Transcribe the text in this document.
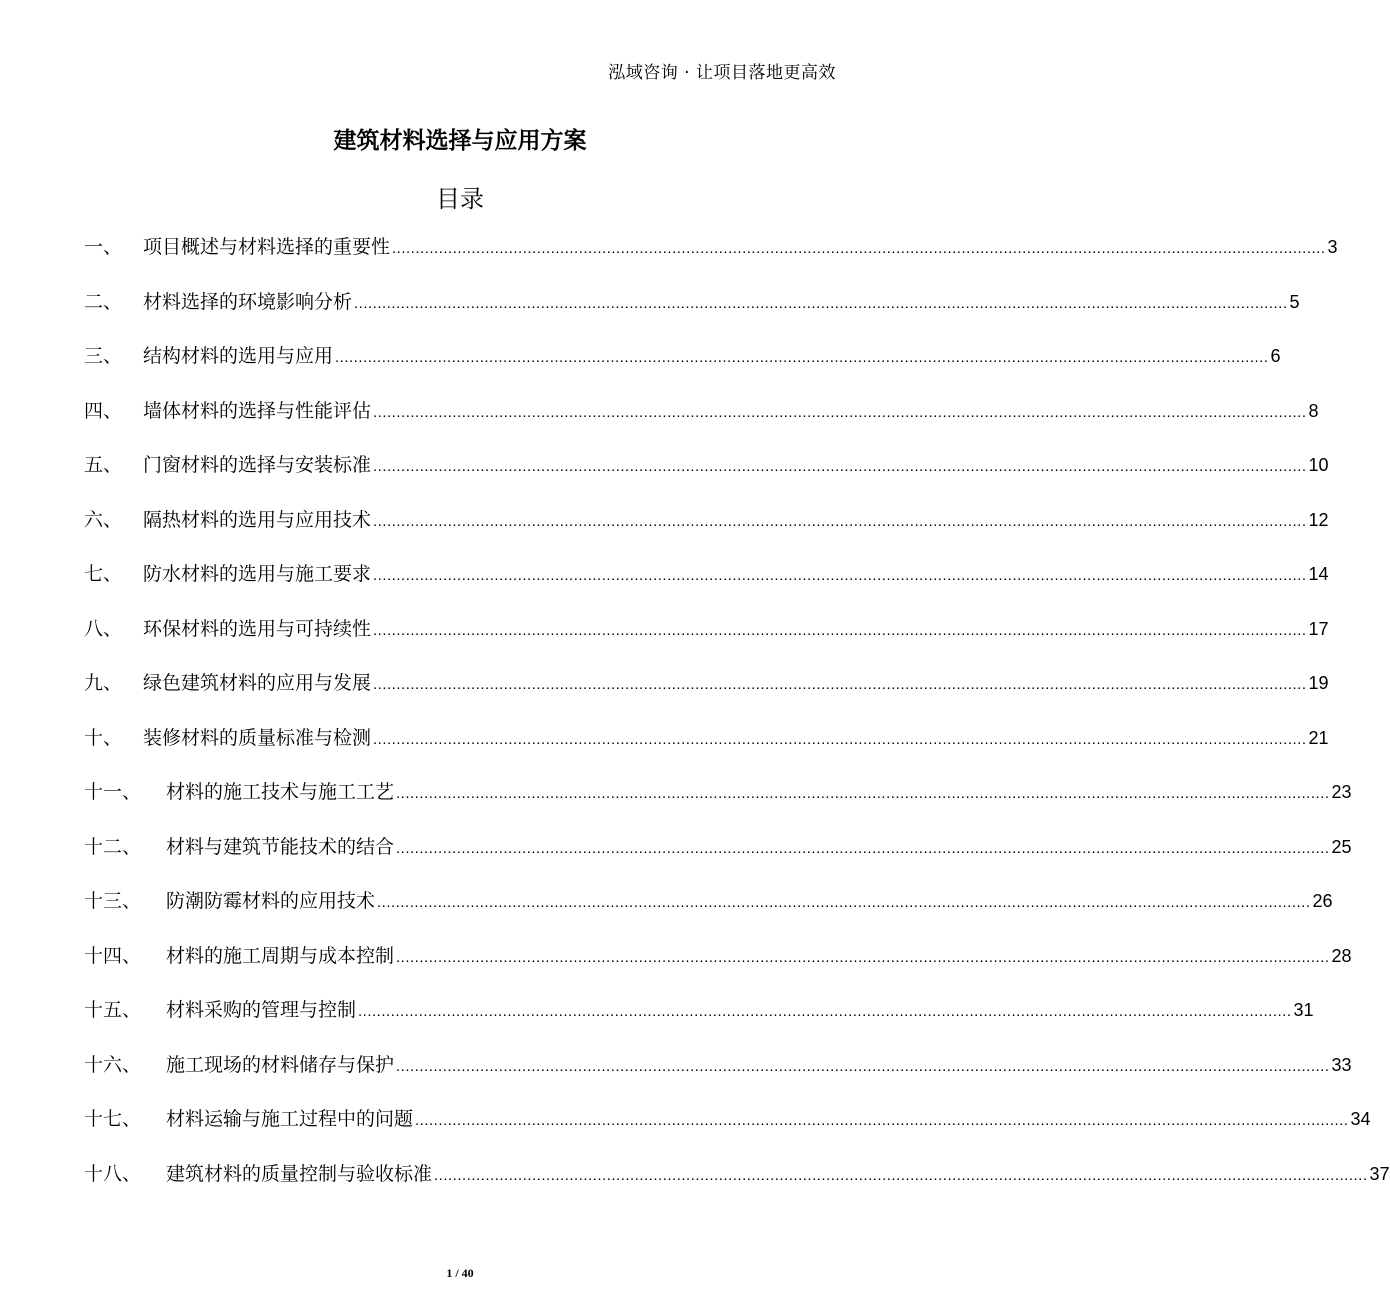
泓域咨询 · 让项目落地更高效
建筑材料选择与应用方案
目录
一、	项目概述与材料选择的重要性 ........................................................................................................................................................................................................ 3
二、	材料选择的环境影响分析 ........................................................................................................................................................................................................ 5
三、	结构材料的选用与应用 ........................................................................................................................................................................................................ 6
四、	墙体材料的选择与性能评估 ........................................................................................................................................................................................................ 8
五、	门窗材料的选择与安装标准 ........................................................................................................................................................................................................ 10
六、	隔热材料的选用与应用技术 ........................................................................................................................................................................................................ 12
七、	防水材料的选用与施工要求 ........................................................................................................................................................................................................ 14
八、	环保材料的选用与可持续性 ........................................................................................................................................................................................................ 17
九、	绿色建筑材料的应用与发展 ........................................................................................................................................................................................................ 19
十、	装修材料的质量标准与检测 ........................................................................................................................................................................................................ 21
十一、	材料的施工技术与施工工艺 ........................................................................................................................................................................................................ 23
十二、	材料与建筑节能技术的结合 ........................................................................................................................................................................................................ 25
十三、	防潮防霉材料的应用技术 ........................................................................................................................................................................................................ 26
十四、	材料的施工周期与成本控制 ........................................................................................................................................................................................................ 28
十五、	材料采购的管理与控制 ........................................................................................................................................................................................................ 31
十六、	施工现场的材料储存与保护 ........................................................................................................................................................................................................ 33
十七、	材料运输与施工过程中的问题 ........................................................................................................................................................................................................ 34
十八、	建筑材料的质量控制与验收标准 ........................................................................................................................................................................................................ 37
1 / 40
